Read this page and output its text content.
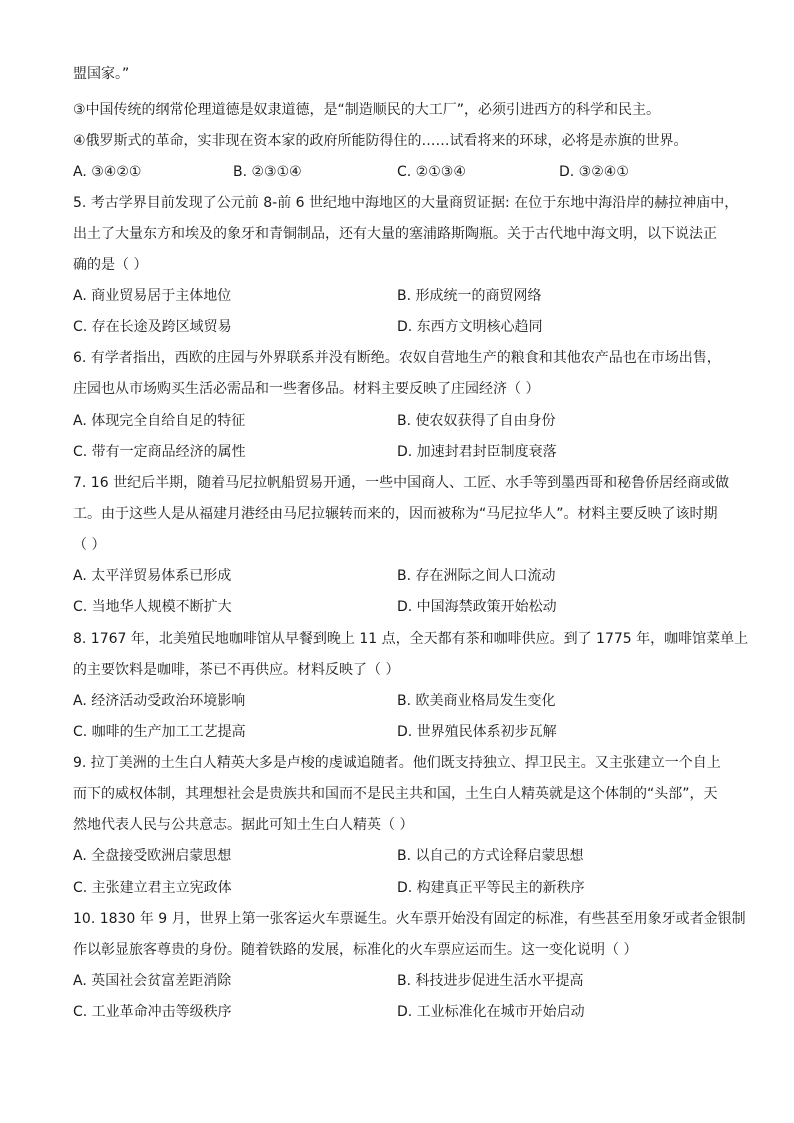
盟国家。”
③中国传统的纲常伦理道德是奴隶道德，是“制造顺民的大工厂”，必须引进西方的科学和民主。
④俄罗斯式的革命，实非现在资本家的政府所能防得住的……试看将来的环球，必将是赤旗的世界。
A. ③④②①	B. ②③①④	C. ②①③④	D. ③②④①
5. 考古学界目前发现了公元前 8-前 6 世纪地中海地区的大量商贸证据: 在位于东地中海沿岸的赫拉神庙中，
出土了大量东方和埃及的象牙和青铜制品，还有大量的塞浦路斯陶瓶。关于古代地中海文明，以下说法正
确的是（ ）
A. 商业贸易居于主体地位	B. 形成统一的商贸网络
C. 存在长途及跨区域贸易	D. 东西方文明核心趋同
6. 有学者指出，西欧的庄园与外界联系并没有断绝。农奴自营地生产的粮食和其他农产品也在市场出售，
庄园也从市场购买生活必需品和一些奢侈品。材料主要反映了庄园经济（ ）
A. 体现完全自给自足的特征	B. 使农奴获得了自由身份
C. 带有一定商品经济的属性	D. 加速封君封臣制度衰落
7. 16 世纪后半期，随着马尼拉帆船贸易开通，一些中国商人、工匠、水手等到墨西哥和秘鲁侨居经商或做
工。由于这些人是从福建月港经由马尼拉辗转而来的，因而被称为“马尼拉华人”。材料主要反映了该时期
（ ）
A. 太平洋贸易体系已形成	B. 存在洲际之间人口流动
C. 当地华人规模不断扩大	D. 中国海禁政策开始松动
8. 1767 年，北美殖民地咖啡馆从早餐到晚上 11 点，全天都有茶和咖啡供应。到了 1775 年，咖啡馆菜单上
的主要饮料是咖啡，茶已不再供应。材料反映了（ ）
A. 经济活动受政治环境影响	B. 欧美商业格局发生变化
C. 咖啡的生产加工工艺提高	D. 世界殖民体系初步瓦解
9. 拉丁美洲的土生白人精英大多是卢梭的虔诚追随者。他们既支持独立、捍卫民主。又主张建立一个自上
而下的威权体制，其理想社会是贵族共和国而不是民主共和国，土生白人精英就是这个体制的“头部”，天
然地代表人民与公共意志。据此可知土生白人精英（ ）
A. 全盘接受欧洲启蒙思想	B. 以自己的方式诠释启蒙思想
C. 主张建立君主立宪政体	D. 构建真正平等民主的新秩序
10. 1830 年 9 月，世界上第一张客运火车票诞生。火车票开始没有固定的标准，有些甚至用象牙或者金银制
作以彰显旅客尊贵的身份。随着铁路的发展，标准化的火车票应运而生。这一变化说明（ ）
A. 英国社会贫富差距消除	B. 科技进步促进生活水平提高
C. 工业革命冲击等级秩序	D. 工业标准化在城市开始启动
